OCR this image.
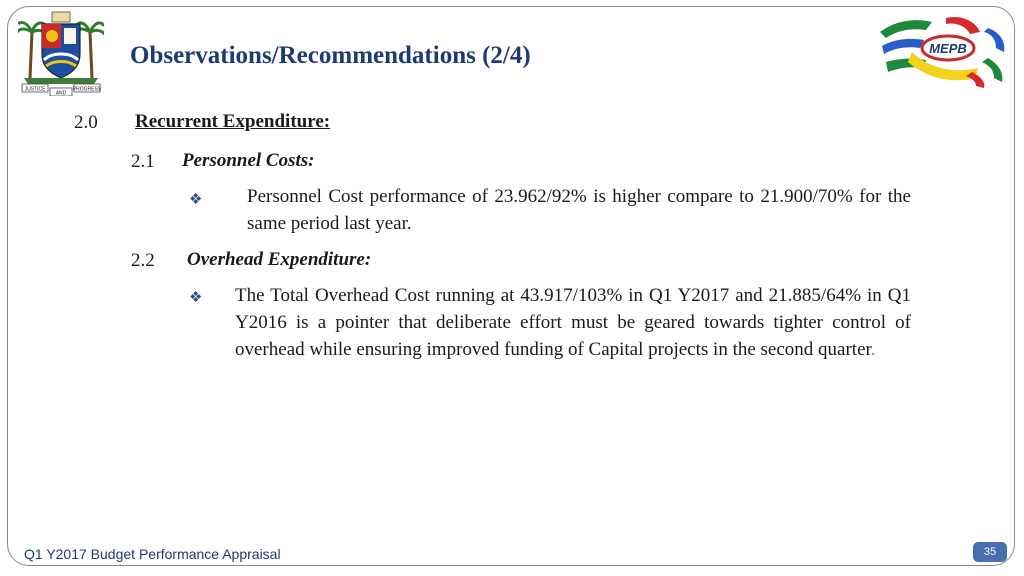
JUSTICE
AND
PROGRESS
MEPB
Observations/Recommendations (2/4)
2.0 Recurrent Expenditure:
2.1 Personnel Costs:
❖ Personnel Cost performance of 23.962/92% is higher compare to 21.900/70% for the same period last year.
2.2 Overhead Expenditure:
❖ The Total Overhead Cost running at 43.917/103% in Q1 Y2017 and 21.885/64% in Q1 Y2016 is a pointer that deliberate effort must be geared towards tighter control of overhead while ensuring improved funding of Capital projects in the second quarter.
Q1 Y2017 Budget Performance Appraisal	35
